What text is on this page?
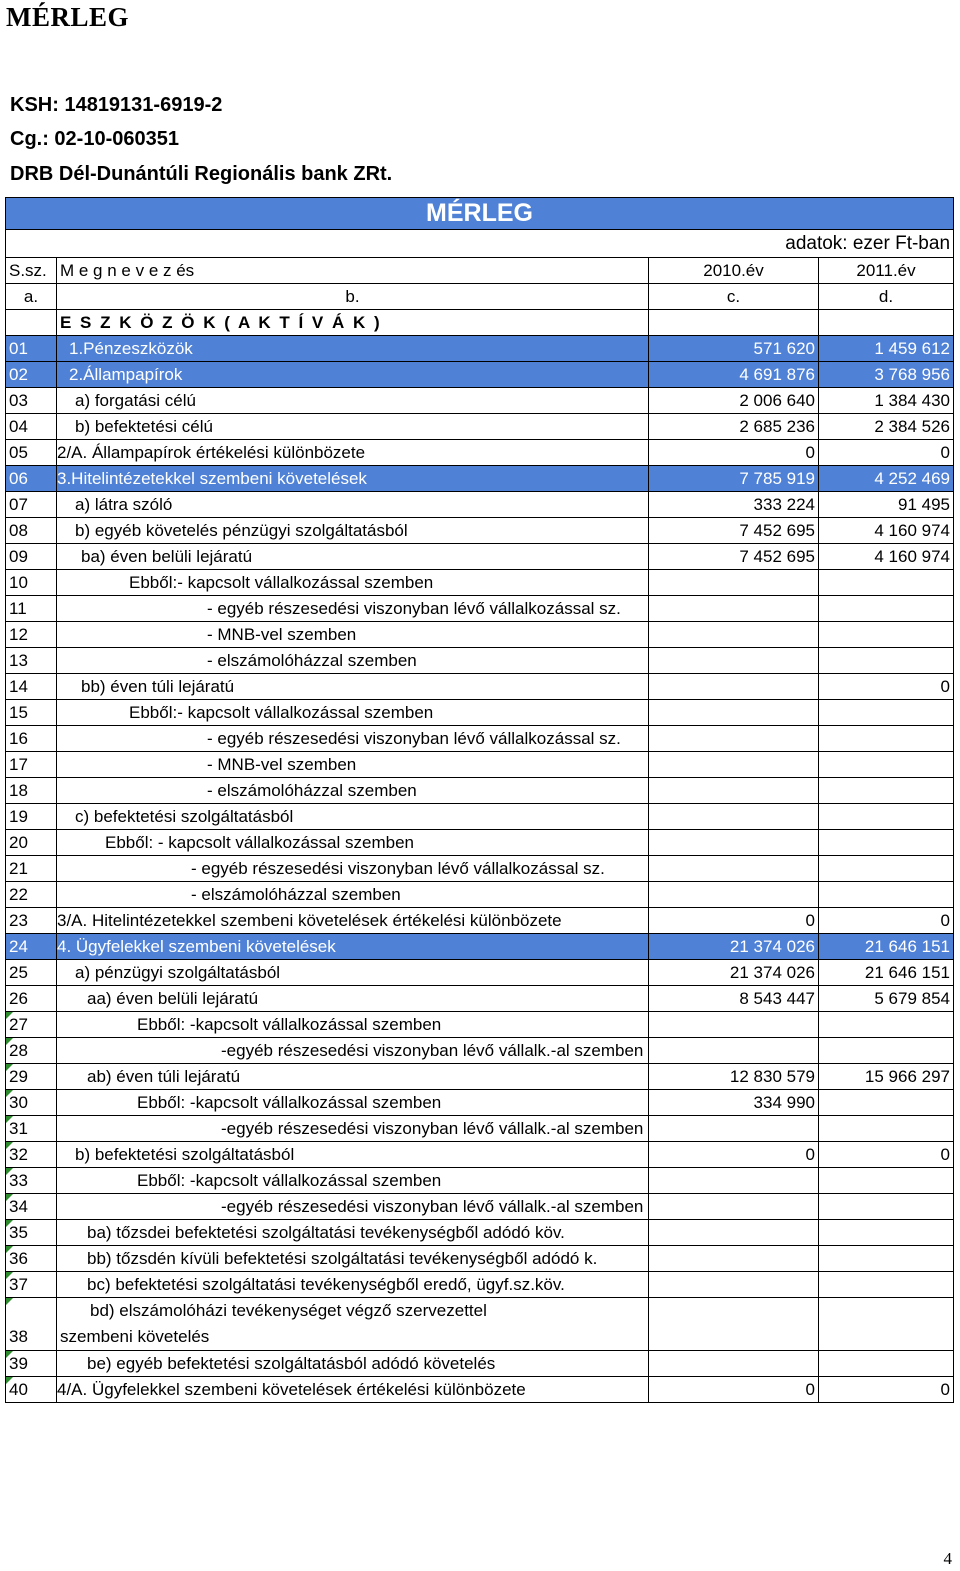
MÉRLEG
KSH: 14819131-6919-2
Cg.: 02-10-060351
DRB Dél-Dunántúli Regionális bank ZRt.
MÉRLEG			
adatok: ezer Ft-ban			
S.sz.	M e g n e v e z és	2010.év	2011.év
a.	b.	c.	d.
	E S Z K Ö Z Ö K ( A K T Í V Á K )		
01	1.Pénzeszközök	571 620	1 459 612
02	2.Állampapírok	4 691 876	3 768 956
03	a) forgatási célú	2 006 640	1 384 430
04	b) befektetési célú	2 685 236	2 384 526
05	2/A. Állampapírok értékelési különbözete	0	0
06	3.Hitelintézetekkel szembeni követelések	7 785 919	4 252 469
07	a) látra szóló	333 224	91 495
08	b) egyéb követelés pénzügyi szolgáltatásból	7 452 695	4 160 974
09	ba) éven belüli lejáratú	7 452 695	4 160 974
10	Ebből:- kapcsolt vállalkozással szemben		
11	- egyéb részesedési viszonyban lévő vállalkozással sz.		
12	- MNB-vel szemben		
13	- elszámolóházzal szemben		
14	bb) éven túli lejáratú		0
15	Ebből:- kapcsolt vállalkozással szemben		
16	- egyéb részesedési viszonyban lévő vállalkozással sz.		
17	- MNB-vel szemben		
18	- elszámolóházzal szemben		
19	c) befektetési szolgáltatásból		
20	Ebből: - kapcsolt vállalkozással szemben		
21	- egyéb részesedési viszonyban lévő vállalkozással sz.		
22	- elszámolóházzal szemben		
23	3/A. Hitelintézetekkel szembeni követelések értékelési különbözete	0	0
24	4. Ügyfelekkel szembeni követelések	21 374 026	21 646 151
25	a) pénzügyi szolgáltatásból	21 374 026	21 646 151
26	aa) éven belüli lejáratú	8 543 447	5 679 854
27	Ebből: -kapcsolt vállalkozással szemben		
28	-egyéb részesedési viszonyban lévő vállalk.-al szemben		
29	ab) éven túli lejáratú	12 830 579	15 966 297
30	Ebből: -kapcsolt vállalkozással szemben	334 990	
31	-egyéb részesedési viszonyban lévő vállalk.-al szemben		
32	b) befektetési szolgáltatásból	0	0
33	Ebből: -kapcsolt vállalkozással szemben		
34	-egyéb részesedési viszonyban lévő vállalk.-al szemben		
35	ba) tőzsdei befektetési szolgáltatási tevékenységből adódó köv.		
36	bb) tőzsdén kívüli befektetési szolgáltatási tevékenységből adódó k.		
37	bc) befektetési szolgáltatási tevékenységből eredő, ügyf.sz.köv.		
38	bd) elszámolóházi tevékenységet végző szervezettel
szembeni követelés		

39	be) egyéb befektetési szolgáltatásból adódó követelés		
40	4/A. Ügyfelekkel szembeni követelések értékelési különbözete	0	0
4
